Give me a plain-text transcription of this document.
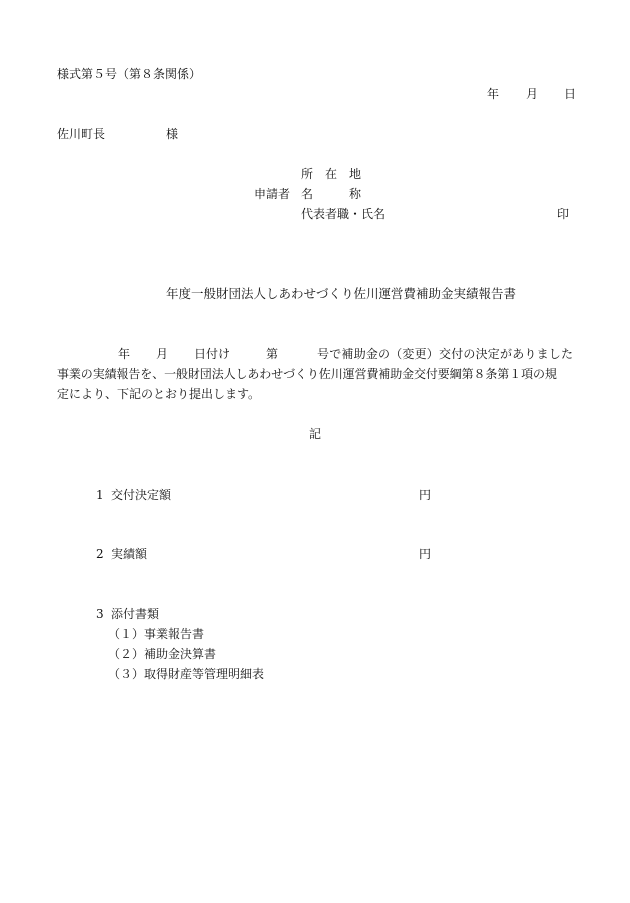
様式第５号（第８条関係）
年 月 日
佐川町長	様
所　在　地
申請者 名　　　称
代表者職・氏名	印
年度一般財団法人しあわせづくり佐川運営費補助金実績報告書
年 月 日付け	第	号で補助金の（変更）交付の決定がありました
事業の実績報告を、一般財団法人しあわせづくり佐川運営費補助金交付要綱第８条第１項の規
定により、下記のとおり提出します。
記
1 交付決定額	円
2 実績額	円
3 添付書類
（１）事業報告書
（２）補助金決算書
（３）取得財産等管理明細表
